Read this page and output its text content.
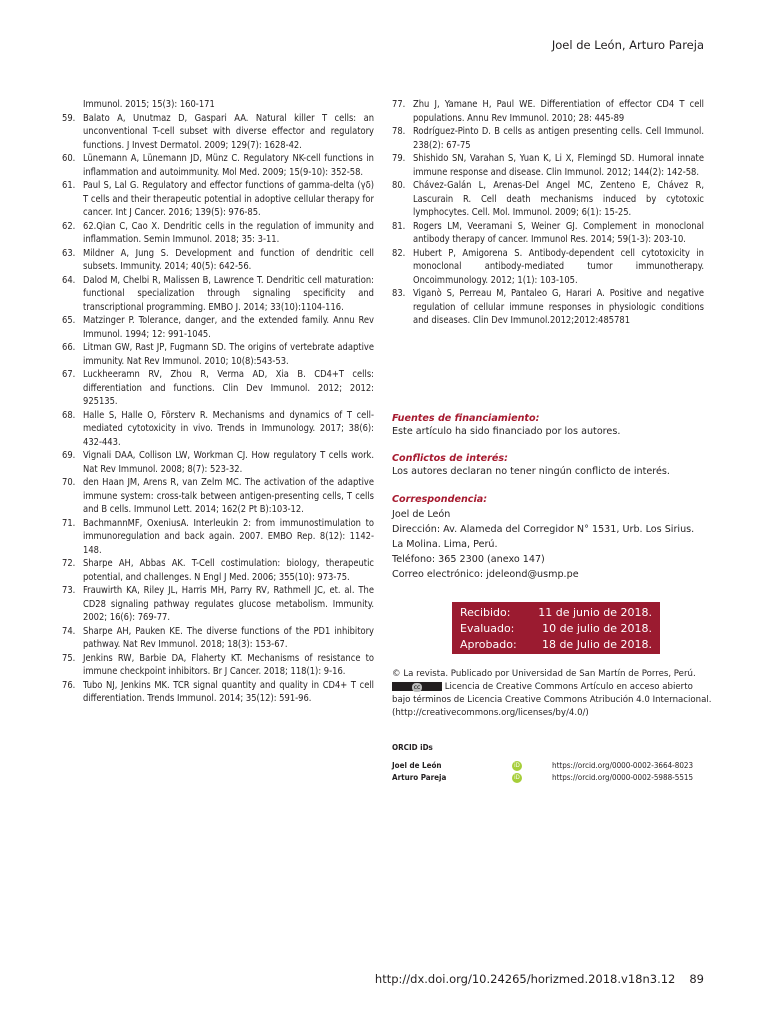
Joel de León, Arturo Pareja
Immunol. 2015; 15(3): 160-171
59. Balato A, Unutmaz D, Gaspari AA. Natural killer T cells: an unconventional T-cell subset with diverse effector and regulatory functions. J Invest Dermatol. 2009; 129(7): 1628-42.
60. Lünemann A, Lünemann JD, Münz C. Regulatory NK-cell functions in inflammation and autoimmunity. Mol Med. 2009; 15(9-10): 352-58.
61. Paul S, Lal G. Regulatory and effector functions of gamma-delta (γδ) T cells and their therapeutic potential in adoptive cellular therapy for cancer. Int J Cancer. 2016; 139(5): 976-85.
62. 62.Qian C, Cao X. Dendritic cells in the regulation of immunity and inflammation. Semin Immunol. 2018; 35: 3-11.
63. Mildner A, Jung S. Development and function of dendritic cell subsets. Immunity. 2014; 40(5): 642-56.
64. Dalod M, Chelbi R, Malissen B, Lawrence T. Dendritic cell maturation: functional specialization through signaling specificity and transcriptional programming. EMBO J. 2014; 33(10):1104-116.
65. Matzinger P. Tolerance, danger, and the extended family. Annu Rev Immunol. 1994; 12: 991-1045.
66. Litman GW, Rast JP, Fugmann SD. The origins of vertebrate adaptive immunity. Nat Rev Immunol. 2010; 10(8):543-53.
67. Luckheeramn RV, Zhou R, Verma AD, Xia B. CD4+T cells: differentiation and functions. Clin Dev Immunol. 2012; 2012: 925135.
68. Halle S, Halle O, Försterv R. Mechanisms and dynamics of T cell-mediated cytotoxicity in vivo. Trends in Immunology. 2017; 38(6): 432-443.
69. Vignali DAA, Collison LW, Workman CJ. How regulatory T cells work. Nat Rev Immunol. 2008; 8(7): 523-32.
70. den Haan JM, Arens R, van Zelm MC. The activation of the adaptive immune system: cross-talk between antigen-presenting cells, T cells and B cells. Immunol Lett. 2014; 162(2 Pt B):103-12.
71. BachmannMF, OxeniusA. Interleukin 2: from immunostimulation to immunoregulation and back again. 2007. EMBO Rep. 8(12): 1142-148.
72. Sharpe AH, Abbas AK. T-Cell costimulation: biology, therapeutic potential, and challenges. N Engl J Med. 2006; 355(10): 973-75.
73. Frauwirth KA, Riley JL, Harris MH, Parry RV, Rathmell JC, et. al. The CD28 signaling pathway regulates glucose metabolism. Immunity. 2002; 16(6): 769-77.
74. Sharpe AH, Pauken KE. The diverse functions of the PD1 inhibitory pathway. Nat Rev Immunol. 2018; 18(3): 153-67.
75. Jenkins RW, Barbie DA, Flaherty KT. Mechanisms of resistance to immune checkpoint inhibitors. Br J Cancer. 2018; 118(1): 9-16.
76. Tubo NJ, Jenkins MK. TCR signal quantity and quality in CD4+ T cell differentiation. Trends Immunol. 2014; 35(12): 591-96.
77. Zhu J, Yamane H, Paul WE. Differentiation of effector CD4 T cell populations. Annu Rev Immunol. 2010; 28: 445-89
78. Rodríguez-Pinto D. B cells as antigen presenting cells. Cell Immunol. 238(2): 67-75
79. Shishido SN, Varahan S, Yuan K, Li X, Flemingd SD. Humoral innate immune response and disease. Clin Immunol. 2012; 144(2): 142-58.
80. Chávez-Galán L, Arenas-Del Angel MC, Zenteno E, Chávez R, Lascurain R. Cell death mechanisms induced by cytotoxic lymphocytes. Cell. Mol. Immunol. 2009; 6(1): 15-25.
81. Rogers LM, Veeramani S, Weiner GJ. Complement in monoclonal antibody therapy of cancer. Immunol Res. 2014; 59(1-3): 203-10.
82. Hubert P, Amigorena S. Antibody-dependent cell cytotoxicity in monoclonal antibody-mediated tumor immunotherapy. Oncoimmunology. 2012; 1(1): 103-105.
83. Viganò S, Perreau M, Pantaleo G, Harari A. Positive and negative regulation of cellular immune responses in physiologic conditions and diseases. Clin Dev Immunol.2012;2012:485781
Fuentes de financiamiento:
Este artículo ha sido financiado por los autores.
Conflictos de interés:
Los autores declaran no tener ningún conflicto de interés.
Correspondencia:
Joel de León
Dirección: Av. Alameda del Corregidor N° 1531, Urb. Los Sirius.
La Molina. Lima, Perú.
Teléfono: 365 2300 (anexo 147)
Correo electrónico: jdeleond@usmp.pe
Recibido:	11 de junio de 2018.
Evaluado:	10 de julio de 2018.
Aprobado: 18 de Julio de 2018.
© La revista. Publicado por Universidad de San Martín de Porres, Perú.
cc	Licencia de Creative Commons Artículo en acceso abierto
bajo términos de Licencia Creative Commons Atribución 4.0 Internacional.
(http://creativecommons.org/licenses/by/4.0/)
ORCID iDs
Joel de León	iD	https://orcid.org/0000-0002-3664-8023
Arturo Pareja	iD	https://orcid.org/0000-0002-5988-5515
http://dx.doi.org/10.24265/horizmed.2018.v18n3.12 89
